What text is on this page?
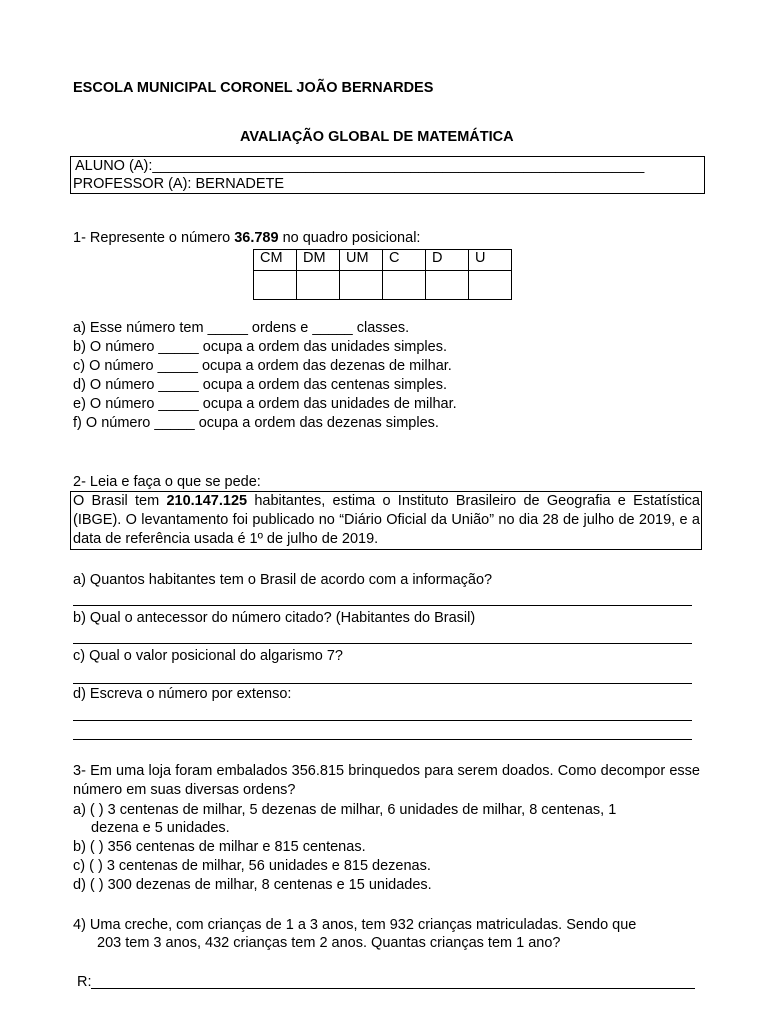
ESCOLA MUNICIPAL CORONEL JOÃO BERNARDES
AVALIAÇÃO GLOBAL DE MATEMÁTICA
ALUNO (A):_____________________________________________________________
PROFESSOR (A): BERNADETE
1- Represente o número 36.789 no quadro posicional:
CM	DM	UM	C	D	U

a) Esse número tem _____ ordens e _____ classes.
b) O número _____ ocupa a ordem das unidades simples.
c) O número _____ ocupa a ordem das dezenas de milhar.
d) O número _____ ocupa a ordem das centenas simples.
e) O número _____ ocupa a ordem das unidades de milhar.
f) O número _____ ocupa a ordem das dezenas simples.
2- Leia e faça o que se pede:
O Brasil tem 210.147.125 habitantes, estima o Instituto Brasileiro de Geografia e Estatística (IBGE). O levantamento foi publicado no “Diário Oficial da União” no dia 28 de julho de 2019, e a data de referência usada é 1º de julho de 2019.
a) Quantos habitantes tem o Brasil de acordo com a informação?
b) Qual o antecessor do número citado? (Habitantes do Brasil)
c) Qual o valor posicional do algarismo 7?
d) Escreva o número por extenso:
3- Em uma loja foram embalados 356.815 brinquedos para serem doados. Como decompor esse número em suas diversas ordens?
a) ( ) 3 centenas de milhar, 5 dezenas de milhar, 6 unidades de milhar, 8 centenas, 1
dezena e 5 unidades.
b) ( ) 356 centenas de milhar e 815 centenas.
c) ( ) 3 centenas de milhar, 56 unidades e 815 dezenas.
d) ( ) 300 dezenas de milhar, 8 centenas e 15 unidades.
4) Uma creche, com crianças de 1 a 3 anos, tem 932 crianças matriculadas. Sendo que
203 tem 3 anos, 432 crianças tem 2 anos. Quantas crianças tem 1 ano?
R:
